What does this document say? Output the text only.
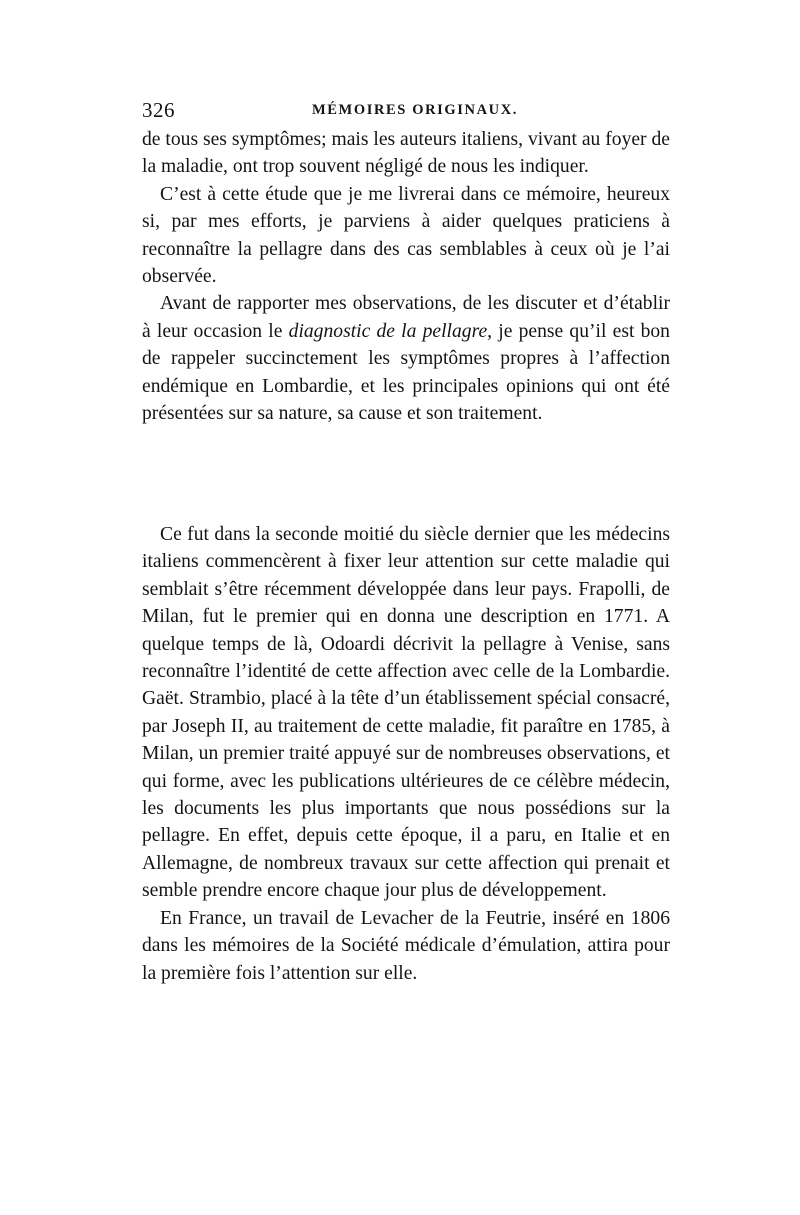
326	MÉMOIRES ORIGINAUX.

de tous ses symptômes; mais les auteurs italiens, vivant au foyer de la maladie, ont trop souvent négligé de nous les indiquer.

C’est à cette étude que je me livrerai dans ce mémoire, heureux si, par mes efforts, je parviens à aider quelques praticiens à reconnaître la pellagre dans des cas semblables à ceux où je l’ai observée.

Avant de rapporter mes observations, de les discuter et d’établir à leur occasion le diagnostic de la pellagre, je pense qu’il est bon de rappeler succinctement les symptômes propres à l’affection endémique en Lombardie, et les principales opinions qui ont été présentées sur sa nature, sa cause et son traitement.

Ce fut dans la seconde moitié du siècle dernier que les médecins italiens commencèrent à fixer leur attention sur cette maladie qui semblait s’être récemment développée dans leur pays. Frapolli, de Milan, fut le premier qui en donna une description en 1771. A quelque temps de là, Odoardi décrivit la pellagre à Venise, sans reconnaître l’identité de cette affection avec celle de la Lombardie. Gaët. Strambio, placé à la tête d’un établissement spécial consacré, par Joseph II, au traitement de cette maladie, fit paraître en 1785, à Milan, un premier traité appuyé sur de nombreuses observations, et qui forme, avec les publications ultérieures de ce célèbre médecin, les documents les plus importants que nous possédions sur la pellagre. En effet, depuis cette époque, il a paru, en Italie et en Allemagne, de nombreux travaux sur cette affection qui prenait et semble prendre encore chaque jour plus de développement.

En France, un travail de Levacher de la Feutrie, inséré en 1806 dans les mémoires de la Société médicale d’émulation, attira pour la première fois l’attention sur elle.
